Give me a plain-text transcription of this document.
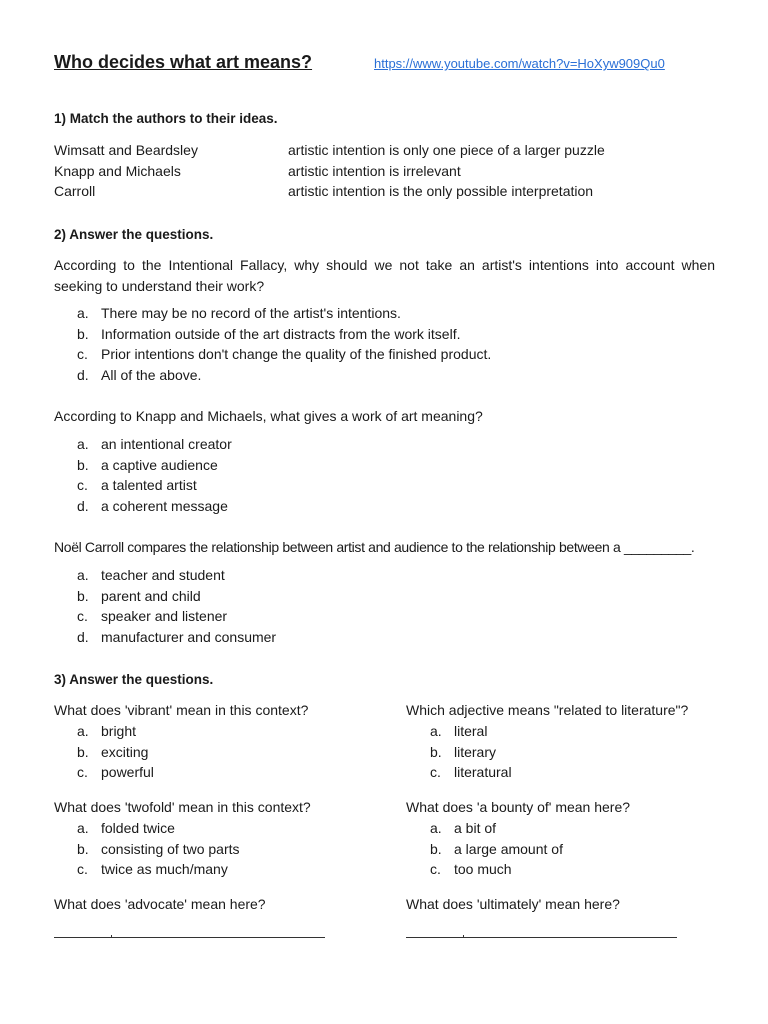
Who decides what art means?	https://www.youtube.com/watch?v=HoXyw909Qu0
1) Match the authors to their ideas.
Wimsatt and Beardsley	artistic intention is only one piece of a larger puzzle
Knapp and Michaels	artistic intention is irrelevant
Carroll	artistic intention is the only possible interpretation
2) Answer the questions.
According to the Intentional Fallacy, why should we not take an artist's intentions into account when seeking to understand their work?
a. There may be no record of the artist's intentions.
b. Information outside of the art distracts from the work itself.
c. Prior intentions don't change the quality of the finished product.
d. All of the above.
According to Knapp and Michaels, what gives a work of art meaning?
a. an intentional creator
b. a captive audience
c. a talented artist
d. a coherent message
Noël Carroll compares the relationship between artist and audience to the relationship between a _________.
a. teacher and student
b. parent and child
c. speaker and listener
d. manufacturer and consumer
3) Answer the questions.
What does 'vibrant' mean in this context?
a. bright
b. exciting
c. powerful
What does 'twofold' mean in this context?
a. folded twice
b. consisting of two parts
c. twice as much/many
What does 'advocate' mean here?
Which adjective means "related to literature"?
a. literal
b. literary
c. literatural
What does 'a bounty of' mean here?
a. a bit of
b. a large amount of
c. too much
What does 'ultimately' mean here?
